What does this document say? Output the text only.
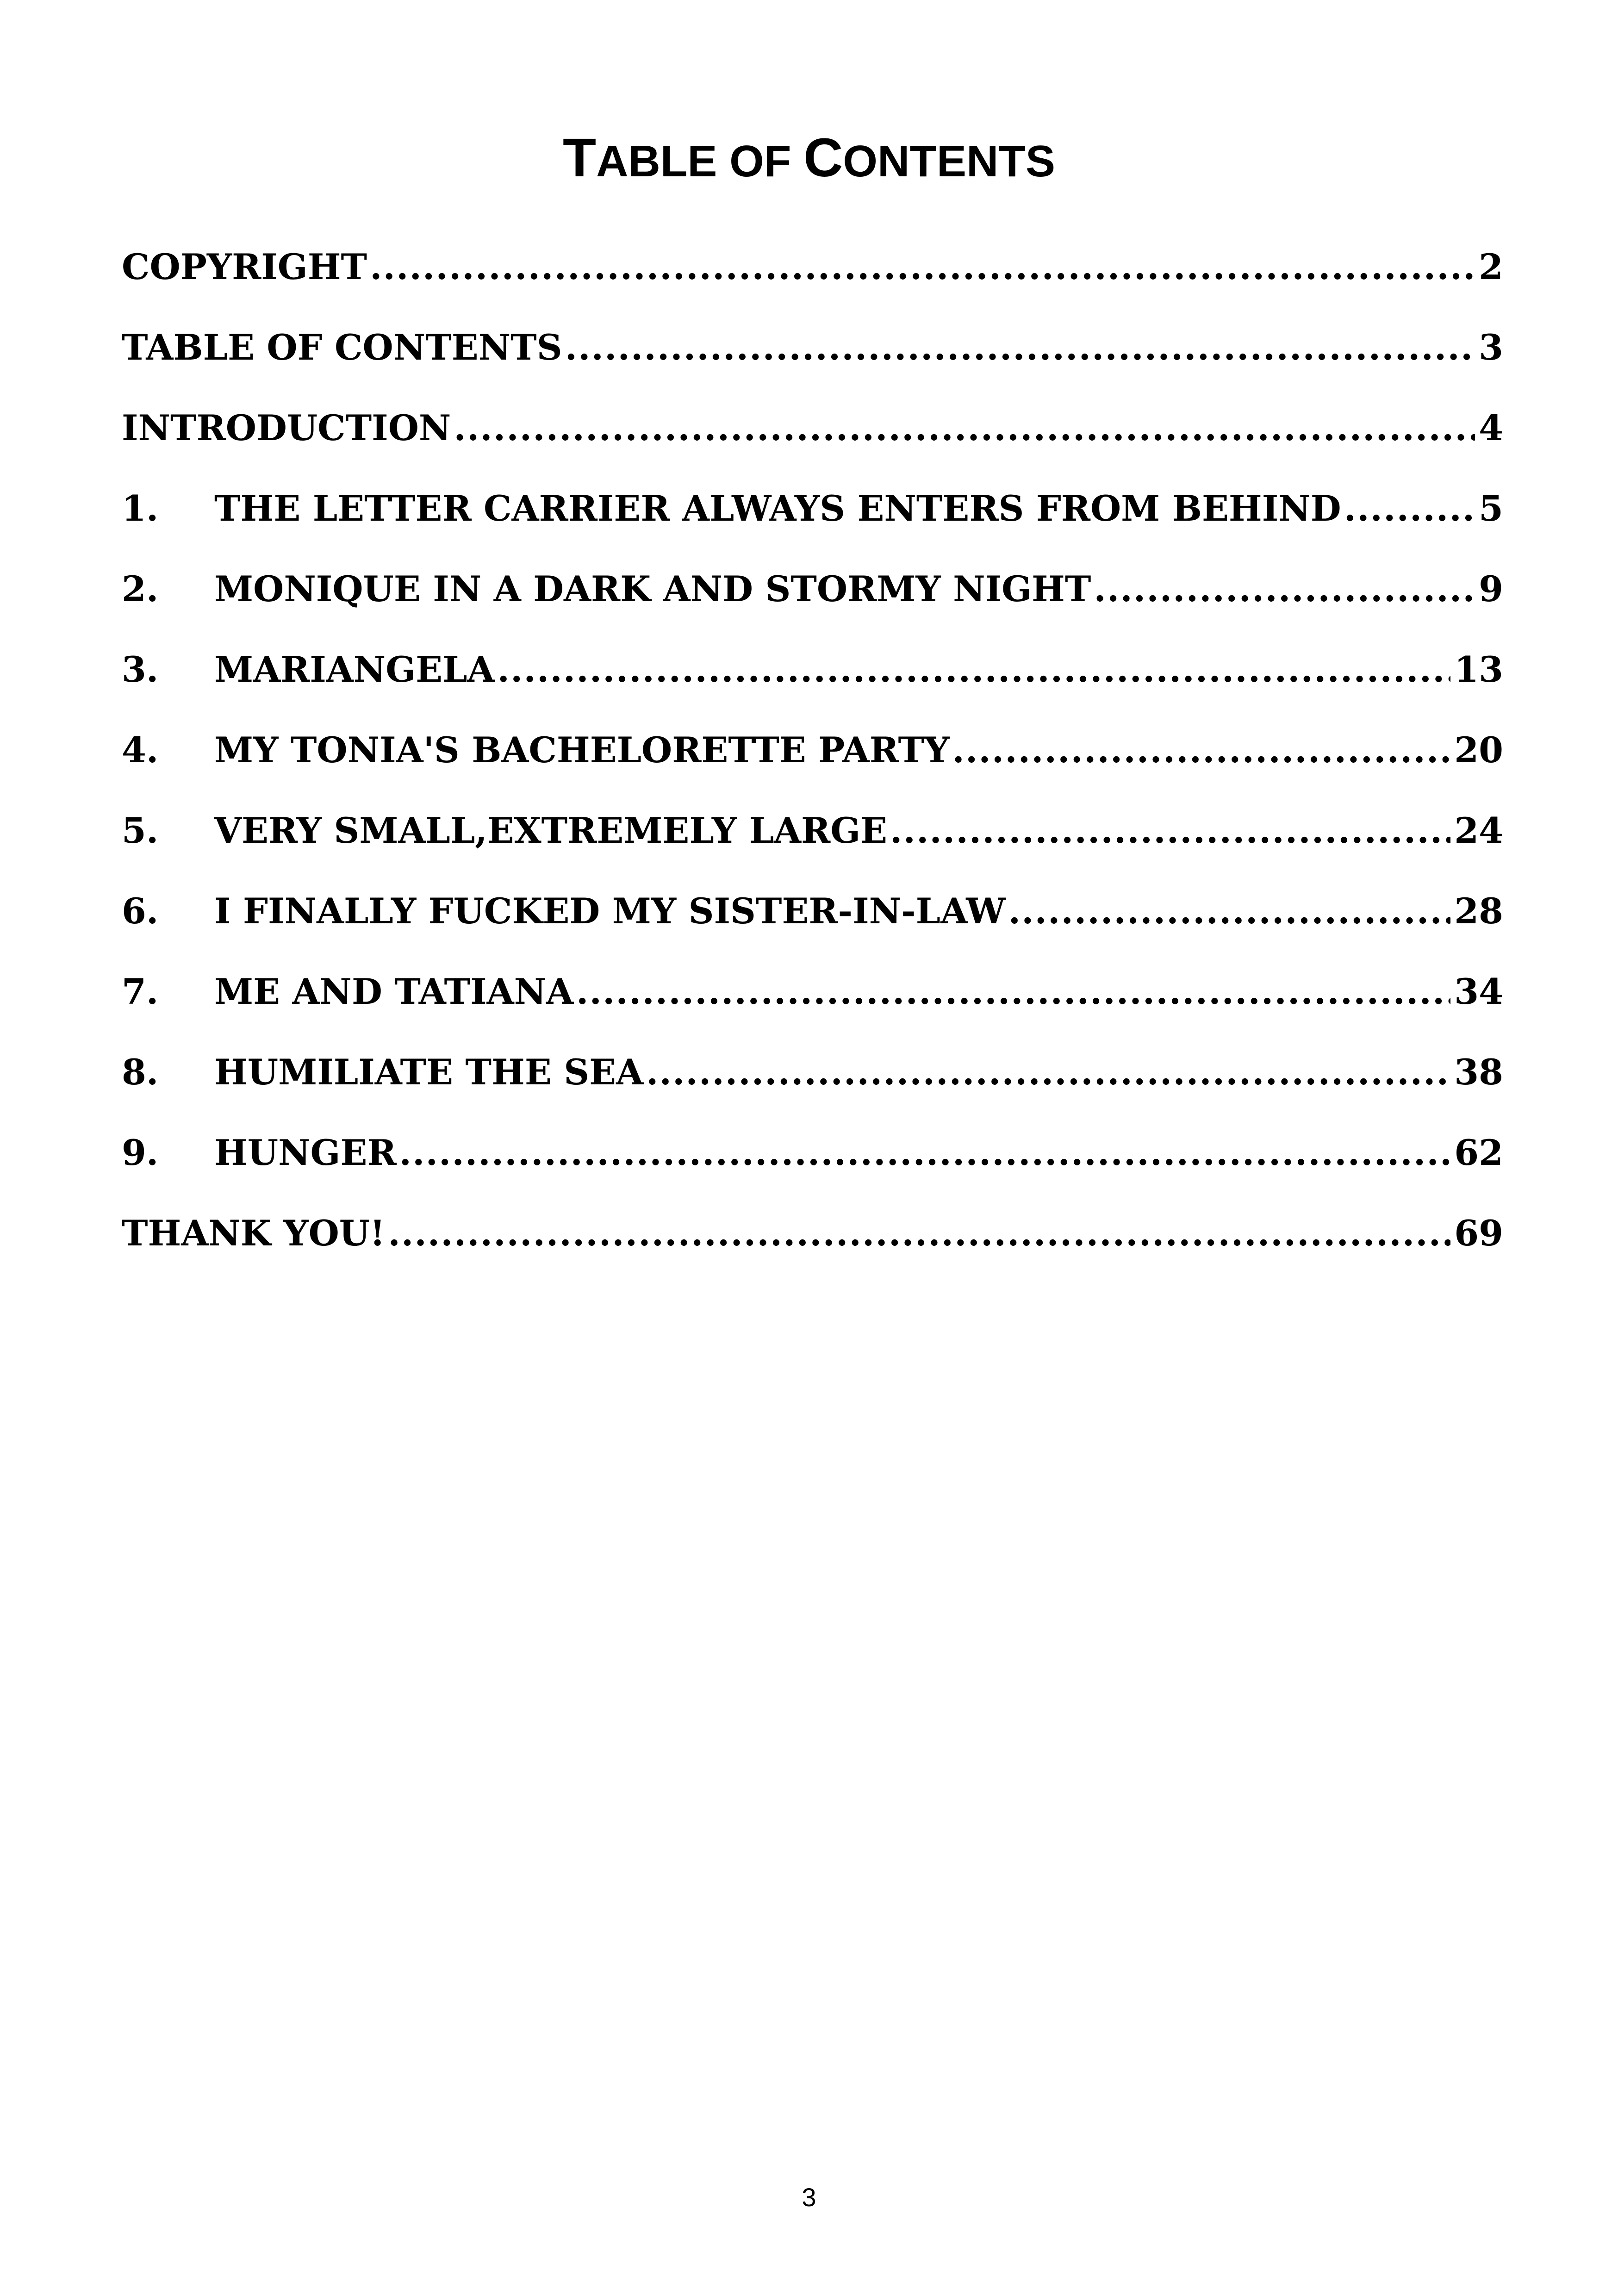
TABLE OF CONTENTS
COPYRIGHT .....	2
TABLE OF CONTENTS .....	3
INTRODUCTION .....	4
1.	THE LETTER CARRIER ALWAYS ENTERS FROM BEHIND .....	5
2.	MONIQUE IN A DARK AND STORMY NIGHT .....	9
3.	MARIANGELA .....	13
4.	MY TONIA'S BACHELORETTE PARTY .....	20
5.	VERY SMALL,EXTREMELY LARGE .....	24
6.	I FINALLY FUCKED MY SISTER-IN-LAW .....	28
7.	ME AND TATIANA .....	34
8.	HUMILIATE THE SEA .....	38
9.	HUNGER .....	62
THANK YOU! .....	69
3
